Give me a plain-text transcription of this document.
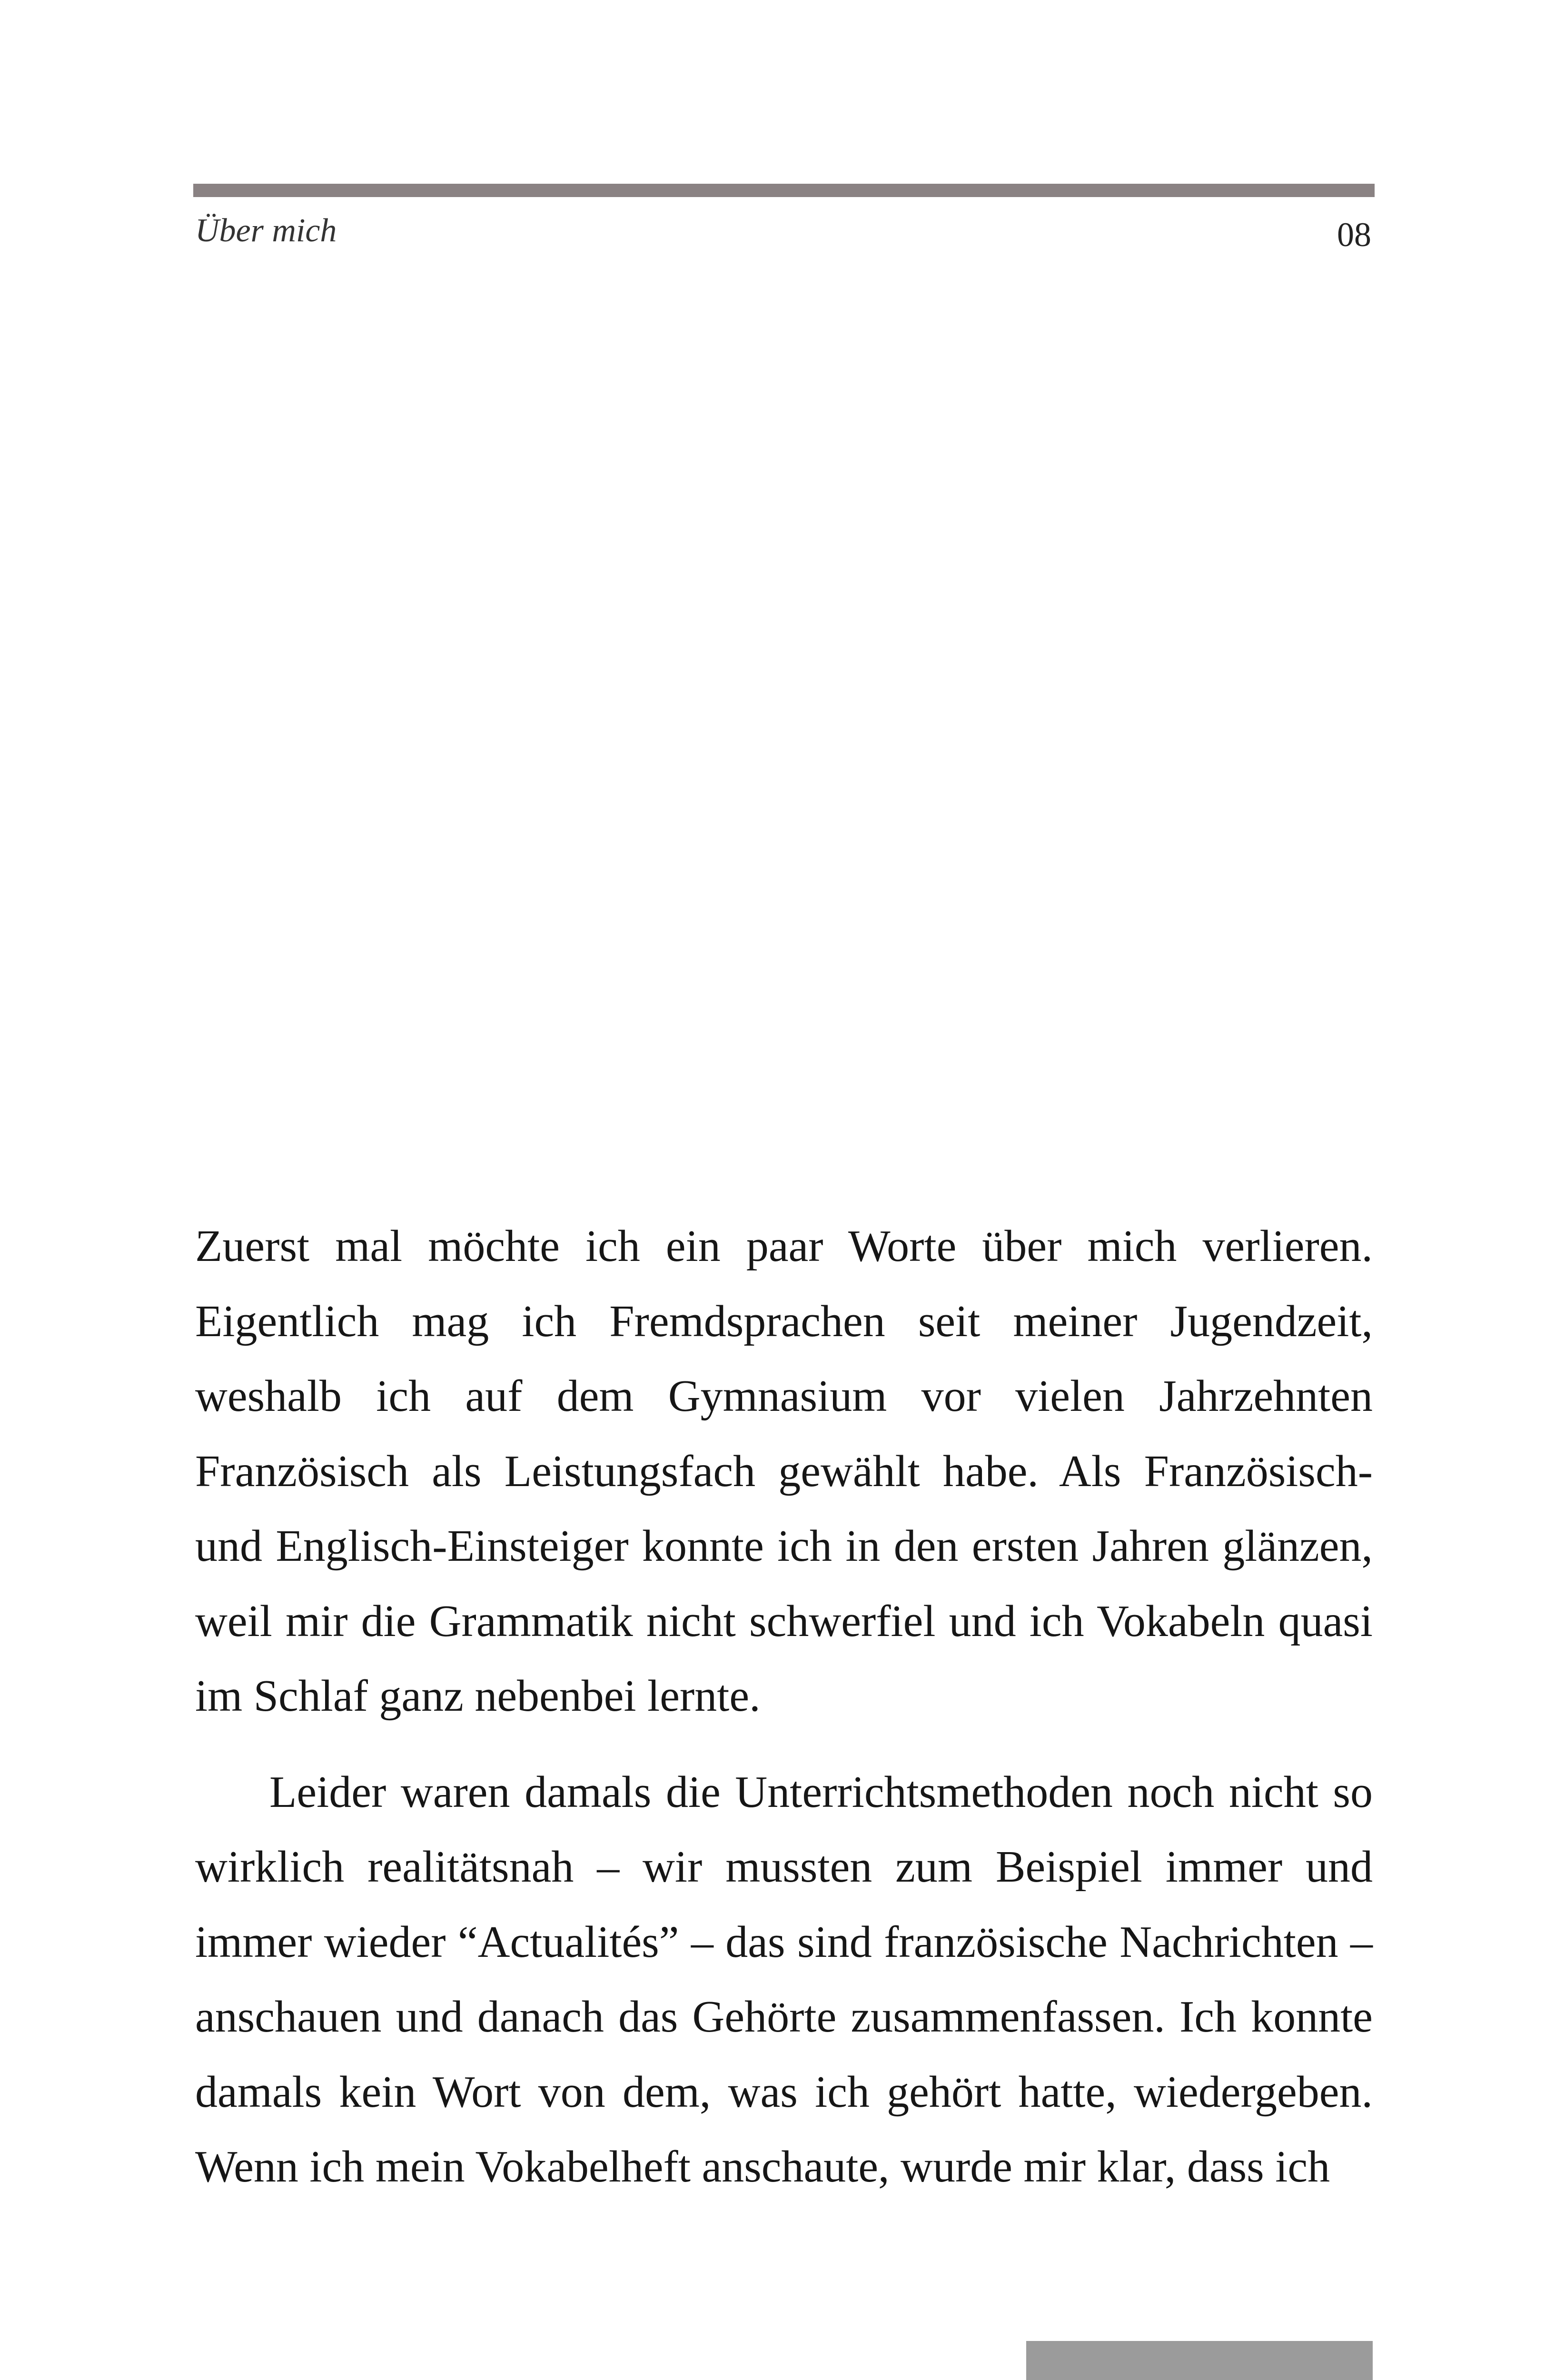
Über mich	08

Zuerst mal möchte ich ein paar Worte über mich verlieren. Eigentlich mag ich Fremdsprachen seit meiner Jugendzeit, weshalb ich auf dem Gymnasium vor vielen Jahrzehnten Französisch als Leistungsfach gewählt habe. Als Französisch- und Englisch-Einsteiger konnte ich in den ersten Jahren glänzen, weil mir die Grammatik nicht schwerfiel und ich Vokabeln quasi im Schlaf ganz nebenbei lernte.

Leider waren damals die Unterrichtsmethoden noch nicht so wirklich realitätsnah – wir mussten zum Beispiel immer und immer wieder “Actualités” – das sind französische Nachrichten – anschauen und danach das Gehörte zusammenfassen. Ich konnte damals kein Wort von dem, was ich gehört hatte, wiedergeben. Wenn ich mein Vokabelheft anschaute, wurde mir klar, dass ich
